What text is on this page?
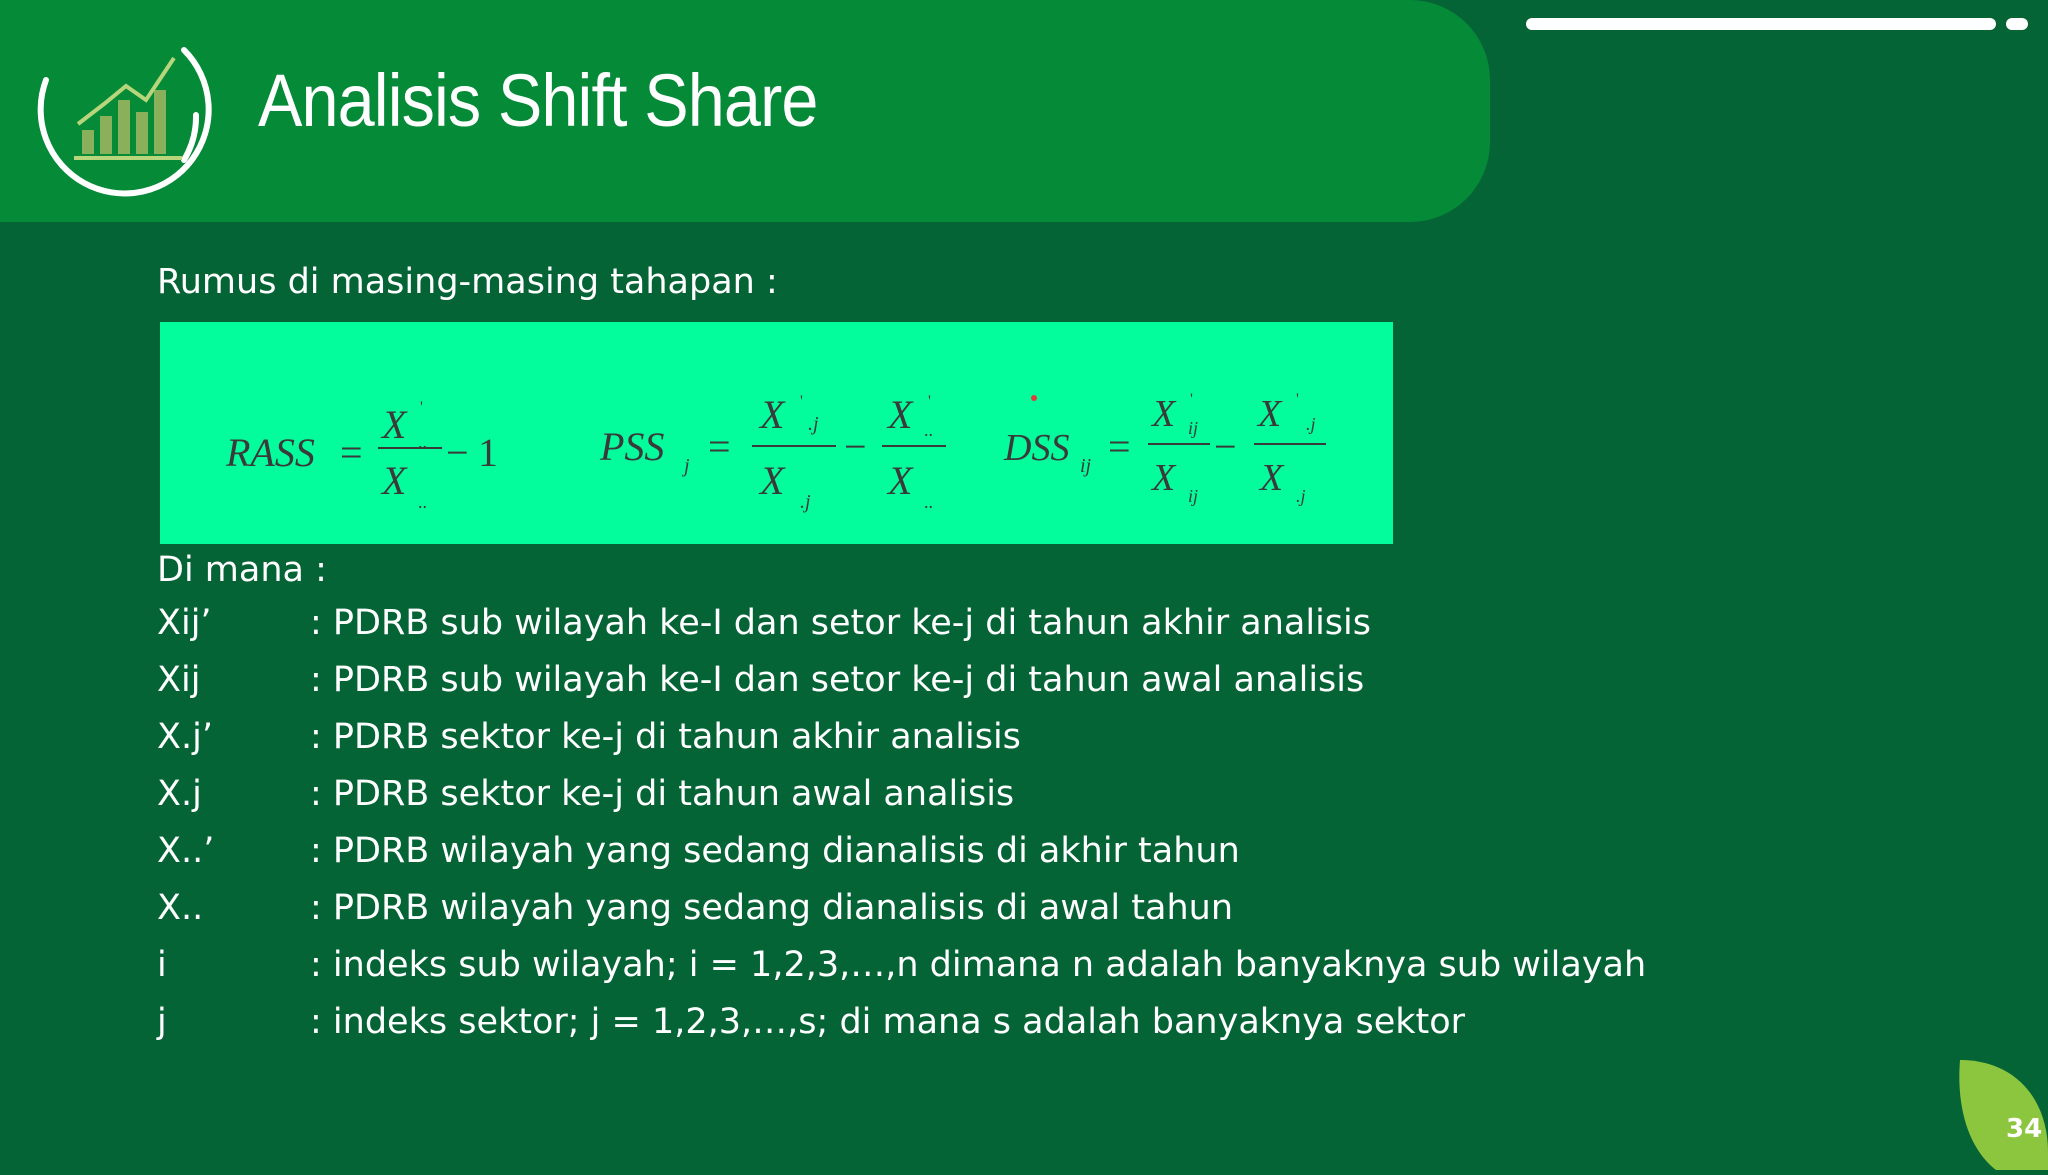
Analisis Shift Share
Rumus di masing-masing tahapan :
RASS =
X '
..
X ..
− 1	PSS j =
X '
.j
X .j
−
X '
..
X ..
DSS ij =
X '
ij
X ij
−
X '
.j
X .j
Di mana :
Xij’	: PDRB sub wilayah ke-I dan setor ke-j di tahun akhir analisis
Xij	: PDRB sub wilayah ke-I dan setor ke-j di tahun awal analisis
X.j’	: PDRB sektor ke-j di tahun akhir analisis
X.j	: PDRB sektor ke-j di tahun awal analisis
X..’	: PDRB wilayah yang sedang dianalisis di akhir tahun
X..	: PDRB wilayah yang sedang dianalisis di awal tahun
i	: indeks sub wilayah; i = 1,2,3,…,n dimana n adalah banyaknya sub wilayah
j	: indeks sektor; j = 1,2,3,…,s; di mana s adalah banyaknya sektor
34
